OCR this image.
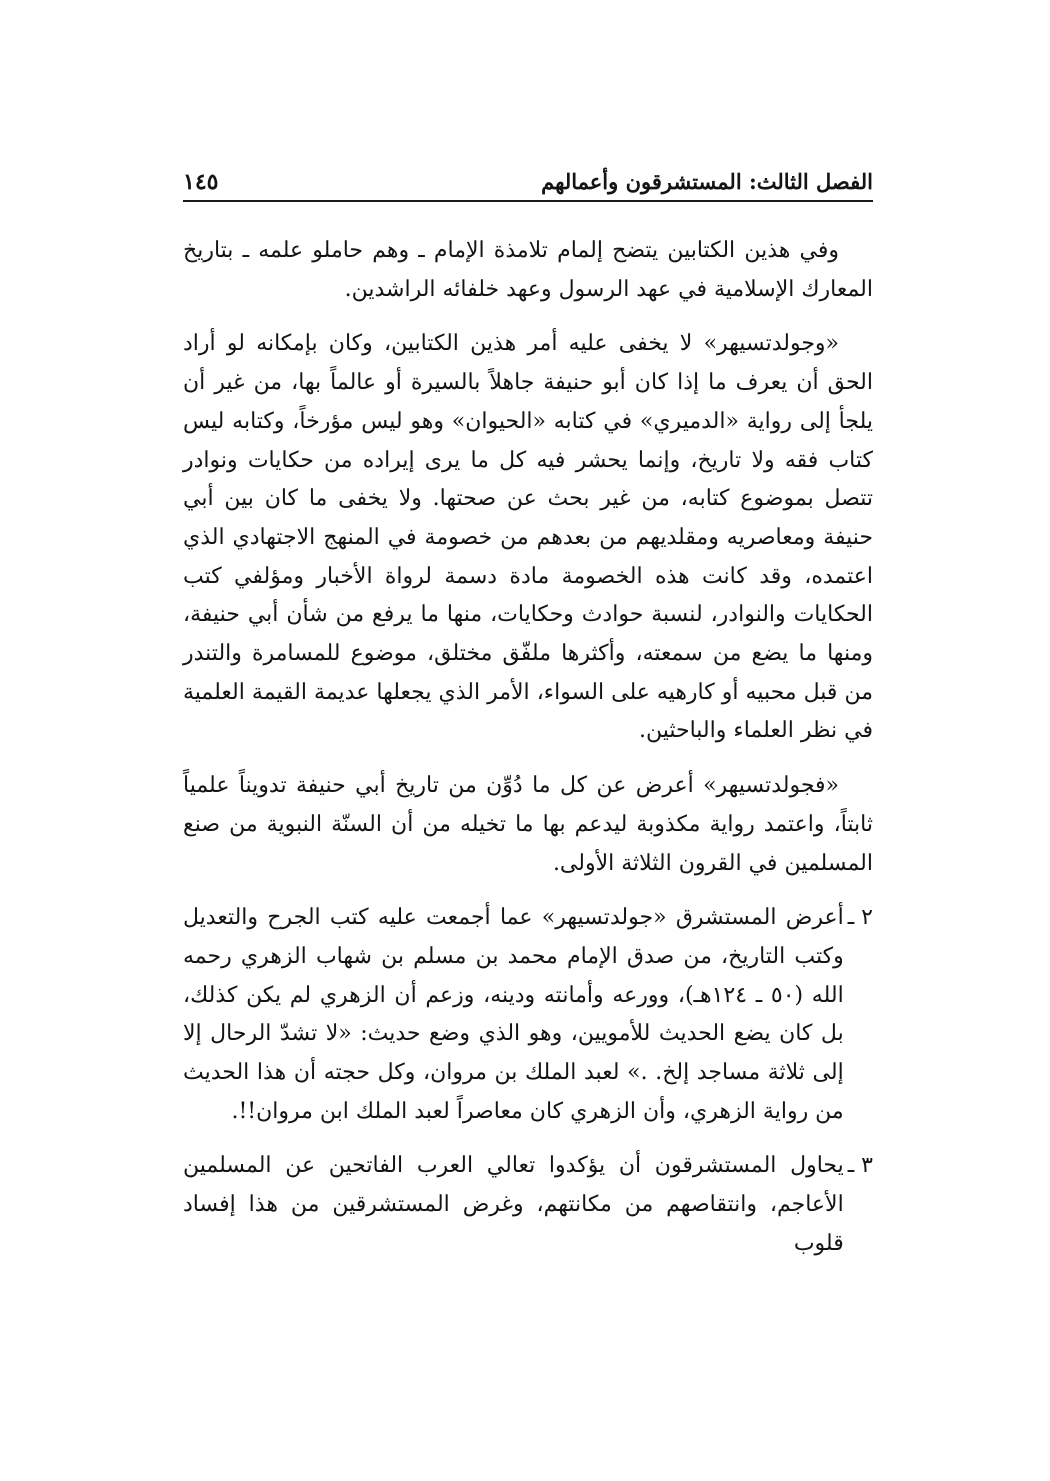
الفصل الثالث: المستشرقون وأعمالهم
١٤٥

وفي هذين الكتابين يتضح إلمام تلامذة الإمام ـ وهم حاملو علمه ـ بتاريخ المعارك الإسلامية في عهد الرسول وعهد خلفائه الراشدين.

«وجولدتسيهر» لا يخفى عليه أمر هذين الكتابين، وكان بإمكانه لو أراد الحق أن يعرف ما إذا كان أبو حنيفة جاهلاً بالسيرة أو عالماً بها، من غير أن يلجأ إلى رواية «الدميري» في كتابه «الحيوان» وهو ليس مؤرخاً، وكتابه ليس كتاب فقه ولا تاريخ، وإنما يحشر فيه كل ما يرى إيراده من حكايات ونوادر تتصل بموضوع كتابه، من غير بحث عن صحتها. ولا يخفى ما كان بين أبي حنيفة ومعاصريه ومقلديهم من بعدهم من خصومة في المنهج الاجتهادي الذي اعتمده، وقد كانت هذه الخصومة مادة دسمة لرواة الأخبار ومؤلفي كتب الحكايات والنوادر، لنسبة حوادث وحكايات، منها ما يرفع من شأن أبي حنيفة، ومنها ما يضع من سمعته، وأكثرها ملفّق مختلق، موضوع للمسامرة والتندر من قبل محبيه أو كارهيه على السواء، الأمر الذي يجعلها عديمة القيمة العلمية في نظر العلماء والباحثين.

«فجولدتسيهر» أعرض عن كل ما دُوِّن من تاريخ أبي حنيفة تدويناً علمياً ثابتاً، واعتمد رواية مكذوبة ليدعم بها ما تخيله من أن السنّة النبوية من صنع المسلمين في القرون الثلاثة الأولى.

٢ ـ
أعرض المستشرق «جولدتسيهر» عما أجمعت عليه كتب الجرح والتعديل وكتب التاريخ، من صدق الإمام محمد بن مسلم بن شهاب الزهري رحمه الله (٥٠ ـ ١٢٤هـ)، وورعه وأمانته ودينه، وزعم أن الزهري لم يكن كذلك، بل كان يضع الحديث للأمويين، وهو الذي وضع حديث: «لا تشدّ الرحال إلا إلى ثلاثة مساجد إلخ. .» لعبد الملك بن مروان، وكل حجته أن هذا الحديث من رواية الزهري، وأن الزهري كان معاصراً لعبد الملك ابن مروان!!.
٣ ـ
يحاول المستشرقون أن يؤكدوا تعالي العرب الفاتحين عن المسلمين الأعاجم، وانتقاصهم من مكانتهم، وغرض المستشرقين من هذا إفساد قلوب
